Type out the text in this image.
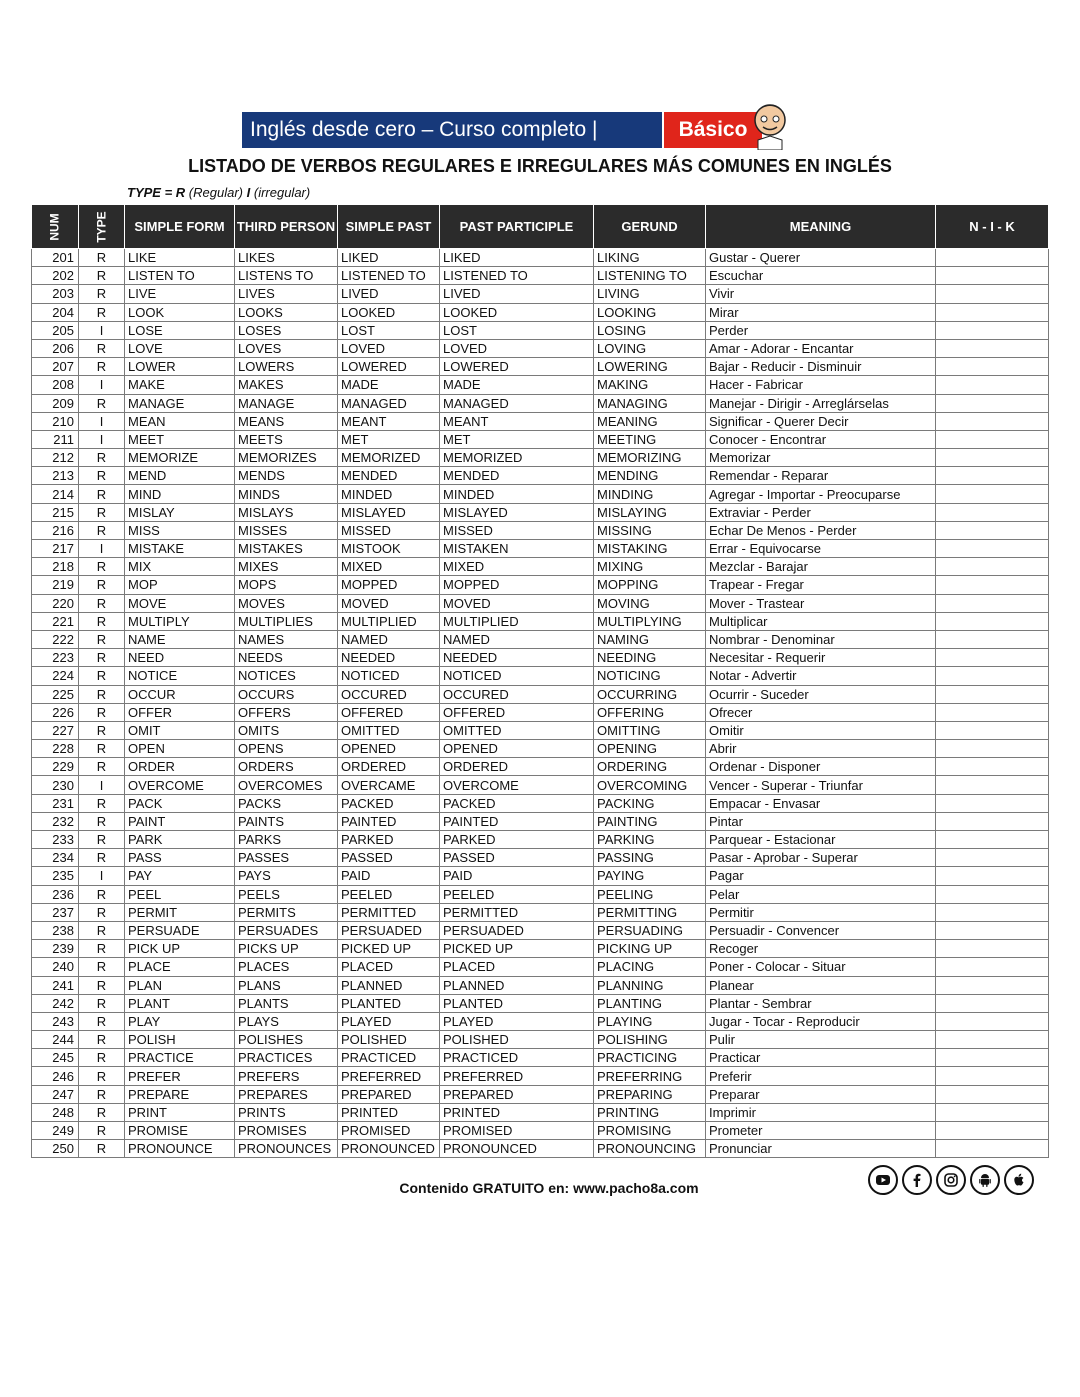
Inglés desde cero – Curso completo |	Básico
LISTADO DE VERBOS REGULARES E IRREGULARES MÁS COMUNES EN INGLÉS
TYPE = R (Regular) I (irregular)
NUM	TYPE	SIMPLE FORM	THIRD PERSON	SIMPLE PAST	PAST PARTICIPLE	GERUND	MEANING	N - I - K
201	R	LIKE	LIKES	LIKED	LIKED	LIKING	Gustar - Querer	
202	R	LISTEN TO	LISTENS TO	LISTENED TO	LISTENED TO	LISTENING TO	Escuchar	
203	R	LIVE	LIVES	LIVED	LIVED	LIVING	Vivir	
204	R	LOOK	LOOKS	LOOKED	LOOKED	LOOKING	Mirar	
205	I	LOSE	LOSES	LOST	LOST	LOSING	Perder	
206	R	LOVE	LOVES	LOVED	LOVED	LOVING	Amar - Adorar - Encantar	
207	R	LOWER	LOWERS	LOWERED	LOWERED	LOWERING	Bajar - Reducir - Disminuir	
208	I	MAKE	MAKES	MADE	MADE	MAKING	Hacer - Fabricar	
209	R	MANAGE	MANAGE	MANAGED	MANAGED	MANAGING	Manejar - Dirigir - Arreglárselas	
210	I	MEAN	MEANS	MEANT	MEANT	MEANING	Significar - Querer Decir	
211	I	MEET	MEETS	MET	MET	MEETING	Conocer - Encontrar	
212	R	MEMORIZE	MEMORIZES	MEMORIZED	MEMORIZED	MEMORIZING	Memorizar	
213	R	MEND	MENDS	MENDED	MENDED	MENDING	Remendar - Reparar	
214	R	MIND	MINDS	MINDED	MINDED	MINDING	Agregar - Importar - Preocuparse	
215	R	MISLAY	MISLAYS	MISLAYED	MISLAYED	MISLAYING	Extraviar - Perder	
216	R	MISS	MISSES	MISSED	MISSED	MISSING	Echar De Menos - Perder	
217	I	MISTAKE	MISTAKES	MISTOOK	MISTAKEN	MISTAKING	Errar - Equivocarse	
218	R	MIX	MIXES	MIXED	MIXED	MIXING	Mezclar - Barajar	
219	R	MOP	MOPS	MOPPED	MOPPED	MOPPING	Trapear - Fregar	
220	R	MOVE	MOVES	MOVED	MOVED	MOVING	Mover - Trastear	
221	R	MULTIPLY	MULTIPLIES	MULTIPLIED	MULTIPLIED	MULTIPLYING	Multiplicar	
222	R	NAME	NAMES	NAMED	NAMED	NAMING	Nombrar - Denominar	
223	R	NEED	NEEDS	NEEDED	NEEDED	NEEDING	Necesitar - Requerir	
224	R	NOTICE	NOTICES	NOTICED	NOTICED	NOTICING	Notar - Advertir	
225	R	OCCUR	OCCURS	OCCURED	OCCURED	OCCURRING	Ocurrir - Suceder	
226	R	OFFER	OFFERS	OFFERED	OFFERED	OFFERING	Ofrecer	
227	R	OMIT	OMITS	OMITTED	OMITTED	OMITTING	Omitir	
228	R	OPEN	OPENS	OPENED	OPENED	OPENING	Abrir	
229	R	ORDER	ORDERS	ORDERED	ORDERED	ORDERING	Ordenar - Disponer	
230	I	OVERCOME	OVERCOMES	OVERCAME	OVERCOME	OVERCOMING	Vencer - Superar - Triunfar	
231	R	PACK	PACKS	PACKED	PACKED	PACKING	Empacar - Envasar	
232	R	PAINT	PAINTS	PAINTED	PAINTED	PAINTING	Pintar	
233	R	PARK	PARKS	PARKED	PARKED	PARKING	Parquear - Estacionar	
234	R	PASS	PASSES	PASSED	PASSED	PASSING	Pasar - Aprobar - Superar	
235	I	PAY	PAYS	PAID	PAID	PAYING	Pagar	
236	R	PEEL	PEELS	PEELED	PEELED	PEELING	Pelar	
237	R	PERMIT	PERMITS	PERMITTED	PERMITTED	PERMITTING	Permitir	
238	R	PERSUADE	PERSUADES	PERSUADED	PERSUADED	PERSUADING	Persuadir - Convencer	
239	R	PICK UP	PICKS UP	PICKED UP	PICKED UP	PICKING UP	Recoger	
240	R	PLACE	PLACES	PLACED	PLACED	PLACING	Poner - Colocar - Situar	
241	R	PLAN	PLANS	PLANNED	PLANNED	PLANNING	Planear	
242	R	PLANT	PLANTS	PLANTED	PLANTED	PLANTING	Plantar - Sembrar	
243	R	PLAY	PLAYS	PLAYED	PLAYED	PLAYING	Jugar - Tocar - Reproducir	
244	R	POLISH	POLISHES	POLISHED	POLISHED	POLISHING	Pulir	
245	R	PRACTICE	PRACTICES	PRACTICED	PRACTICED	PRACTICING	Practicar	
246	R	PREFER	PREFERS	PREFERRED	PREFERRED	PREFERRING	Preferir	
247	R	PREPARE	PREPARES	PREPARED	PREPARED	PREPARING	Preparar	
248	R	PRINT	PRINTS	PRINTED	PRINTED	PRINTING	Imprimir	
249	R	PROMISE	PROMISES	PROMISED	PROMISED	PROMISING	Prometer	
250	R	PRONOUNCE	PRONOUNCES	PRONOUNCED	PRONOUNCED	PRONOUNCING	Pronunciar	
Contenido GRATUITO en: www.pacho8a.com
